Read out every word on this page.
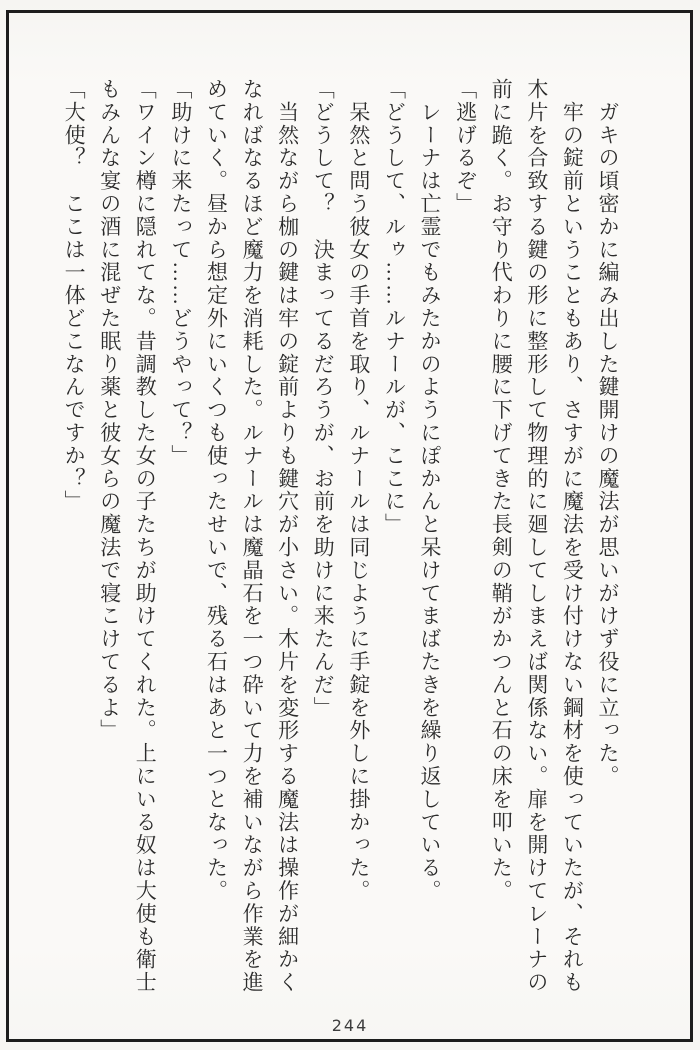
　ガキの頃密かに編み出した鍵開けの魔法が思いがけず役に立った。
　牢の錠前ということもあり、さすがに魔法を受け付けない鋼材を使っていたが、それも
木片を合致する鍵の形に整形して物理的に廻してしまえば関係ない。扉を開けてレーナの
前に跪く。お守り代わりに腰に下げてきた長剣の鞘がかつんと石の床を叩いた。
「逃げるぞ」
　レーナは亡霊でもみたかのようにぽかんと呆けてまばたきを繰り返している。
「どうして、ルゥ……ルナールが、ここに」
　呆然と問う彼女の手首を取り、ルナールは同じように手錠を外しに掛かった。
「どうして？　決まってるだろうが、お前を助けに来たんだ」
　当然ながら枷の鍵は牢の錠前よりも鍵穴が小さい。木片を変形する魔法は操作が細かく
なればなるほど魔力を消耗した。ルナールは魔晶石を一つ砕いて力を補いながら作業を進
めていく。昼から想定外にいくつも使ったせいで、残る石はあと一つとなった。
「助けに来たって……どうやって？」
「ワイン樽に隠れてな。昔調教した女の子たちが助けてくれた。上にいる奴は大使も衛士
もみんな宴の酒に混ぜた眠り薬と彼女らの魔法で寝こけてるよ」
「大使？　ここは一体どこなんですか？」
244
